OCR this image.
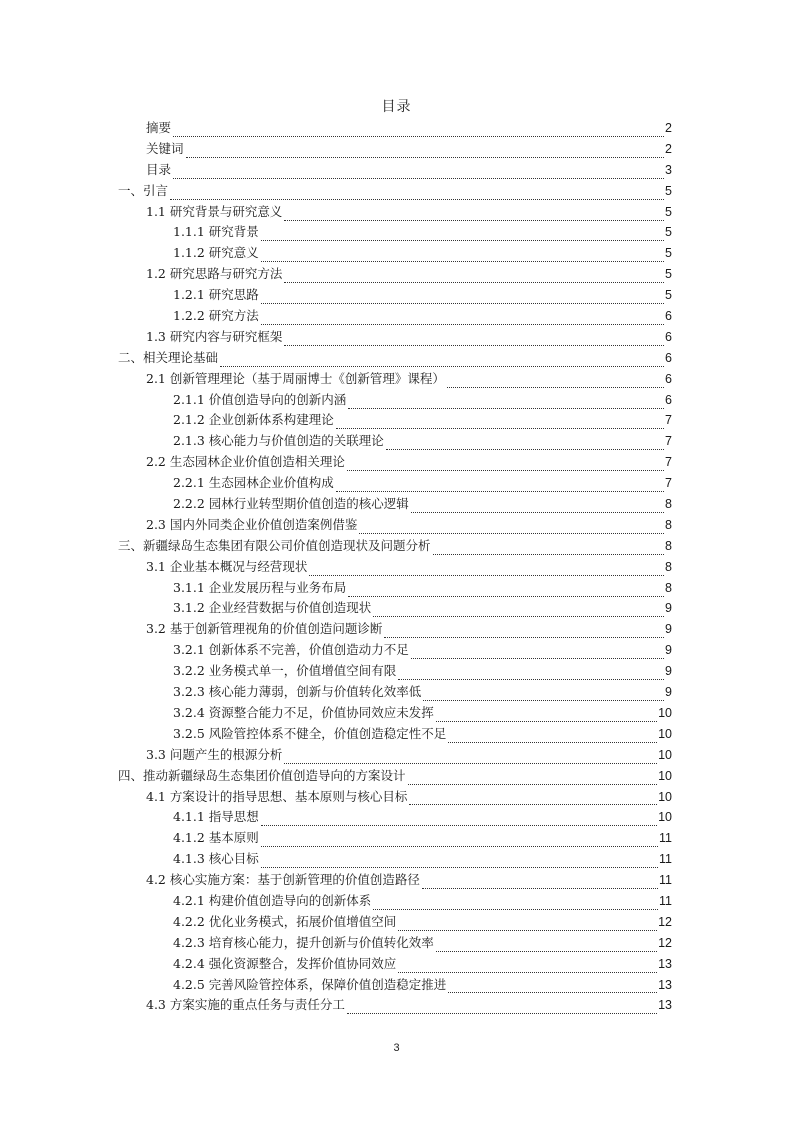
目录
摘要	2
关键词	2
目录	3
一、引言	5
1.1 研究背景与研究意义	5
1.1.1 研究背景	5
1.1.2 研究意义	5
1.2 研究思路与研究方法	5
1.2.1 研究思路	5
1.2.2 研究方法	6
1.3 研究内容与研究框架	6
二、相关理论基础	6
2.1 创新管理理论（基于周丽博士《创新管理》课程）	6
2.1.1 价值创造导向的创新内涵	6
2.1.2 企业创新体系构建理论	7
2.1.3 核心能力与价值创造的关联理论	7
2.2 生态园林企业价值创造相关理论	7
2.2.1 生态园林企业价值构成	7
2.2.2 园林行业转型期价值创造的核心逻辑	8
2.3 国内外同类企业价值创造案例借鉴	8
三、新疆绿岛生态集团有限公司价值创造现状及问题分析	8
3.1 企业基本概况与经营现状	8
3.1.1 企业发展历程与业务布局	8
3.1.2 企业经营数据与价值创造现状	9
3.2 基于创新管理视角的价值创造问题诊断	9
3.2.1 创新体系不完善，价值创造动力不足	9
3.2.2 业务模式单一，价值增值空间有限	9
3.2.3 核心能力薄弱，创新与价值转化效率低	9
3.2.4 资源整合能力不足，价值协同效应未发挥	10
3.2.5 风险管控体系不健全，价值创造稳定性不足	10
3.3 问题产生的根源分析	10
四、推动新疆绿岛生态集团价值创造导向的方案设计	10
4.1 方案设计的指导思想、基本原则与核心目标	10
4.1.1 指导思想	10
4.1.2 基本原则	11
4.1.3 核心目标	11
4.2 核心实施方案：基于创新管理的价值创造路径	11
4.2.1 构建价值创造导向的创新体系	11
4.2.2 优化业务模式，拓展价值增值空间	12
4.2.3 培育核心能力，提升创新与价值转化效率	12
4.2.4 强化资源整合，发挥价值协同效应	13
4.2.5 完善风险管控体系，保障价值创造稳定推进	13
4.3 方案实施的重点任务与责任分工	13
3
